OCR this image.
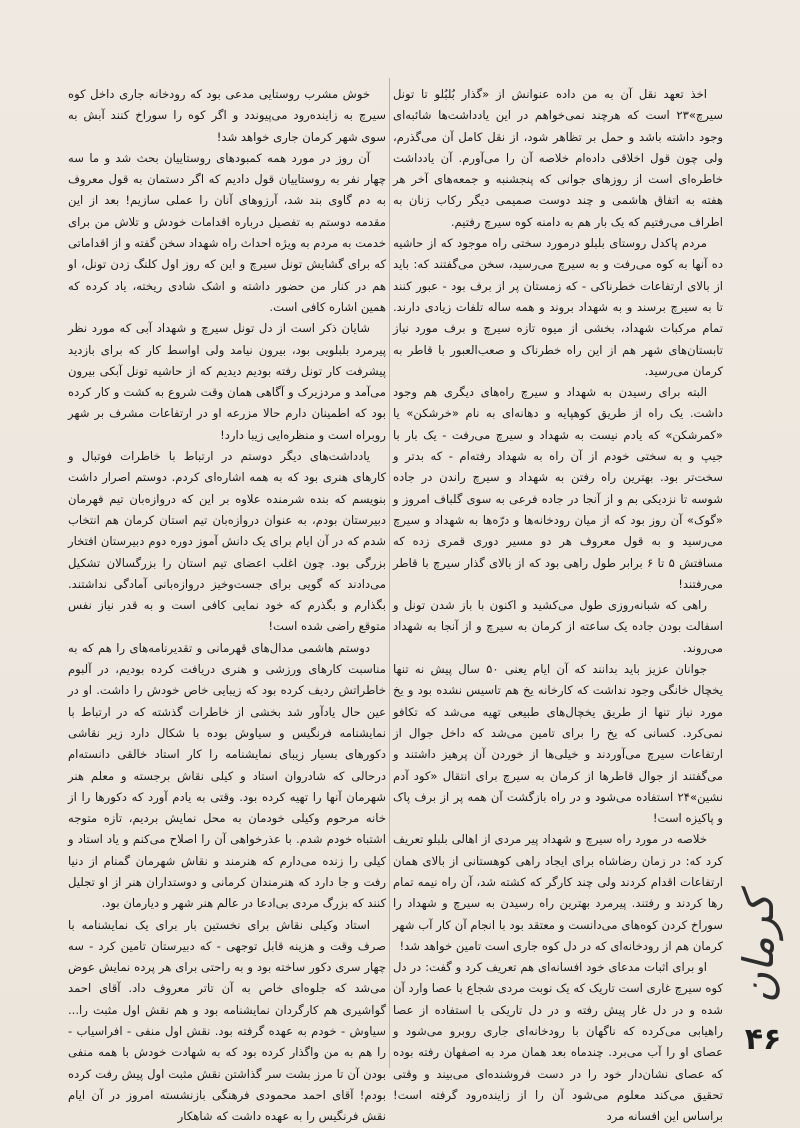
اخذ تعهد نقل آن به من داده عنوانش از «گذار بُلبُلو تا تونل سیرچ»۲۳ است که هرچند نمی‌خواهم در این یادداشت‌ها شائبه‌ای وجود داشته باشد و حمل بر تظاهر شود، از نقل کامل آن می‌گذرم، ولی چون قول اخلاقی داده‌ام خلاصه آن را می‌آورم. آن یادداشت خاطره‌ای است از روزهای جوانی که پنجشنبه و جمعه‌های آخر هر هفته به اتفاق هاشمی و چند دوست صمیمی دیگر رکاب زنان به اطراف می‌رفتیم که یک بار هم به دامنه کوه سیرچ رفتیم.

مردم پاکدل روستای بلبلو درمورد سختی راه موجود که از حاشیه ده آنها به کوه می‌رفت و به سیرچ می‌رسید، سخن می‌گفتند که: باید از بالای ارتفاعات خطرناکی - که زمستان پر از برف بود - عبور کنند تا به سیرچ برسند و به شهداد بروند و همه ساله تلفات زیادی دارند. تمام مرکبات شهداد، بخشی از میوه تازه سیرچ و برف مورد نیاز تابستان‌های شهر هم از این راه خطرناک و صعب‌العبور با قاطر به کرمان می‌رسید.

البته برای رسیدن به شهداد و سیرچ راه‌های دیگری هم وجود داشت. یک راه از طریق کوهپایه و دهانه‌ای به نام «خرشکن» یا «کمرشکن» که یادم نیست به شهداد و سیرچ می‌رفت - یک بار با جیپ و به سختی خودم از آن راه به شهداد رفته‌ام - که بدتر و سخت‌تر بود. بهترین راه رفتن به شهداد و سیرچ راندن در جاده شوسه تا نزدیکی بم و از آنجا در جاده فرعی به سوی گلباف امروز و «گوک» آن روز بود که از میان رودخانه‌ها و درّه‌ها به شهداد و سیرچ می‌رسید و به قول معروف هر دو مسیر دوری قمری زده که مسافتش ۵ تا ۶ برابر طول راهی بود که از بالای گذار سیرچ با قاطر می‌رفتند!

راهی که شبانه‌روزی طول می‌کشید و اکنون با باز شدن تونل و اسفالت بودن جاده یک ساعته از کرمان به سیرچ و از آنجا به شهداد می‌روند.

جوانان عزیز باید بدانند که آن ایام یعنی ۵۰ سال پیش نه تنها یخچال خانگی وجود نداشت که کارخانه یخ هم تاسیس نشده بود و یخ مورد نیاز تنها از طریق یخچال‌های طبیعی تهیه می‌شد که تکافو نمی‌کرد. کسانی که یخ را برای تامین می‌شد که داخل جوال از ارتفاعات سیرچ می‌آوردند و خیلی‌ها از خوردن آن پرهیز داشتند و می‌گفتند از جوال قاطرها از کرمان به سیرچ برای انتقال «کود آدم نشین»۲۴ استفاده می‌شود و در راه بازگشت آن همه پر از برف پاک و پاکیزه است!

خلاصه در مورد راه سیرچ و شهداد پیر مردی از اهالی بلبلو تعریف کرد که: در زمان رضاشاه برای ایجاد راهی کوهستانی از بالای همان ارتفاعات اقدام کردند ولی چند کارگر که کشته شد، آن راه نیمه تمام رها کردند و رفتند. پیرمرد بهترین راه رسیدن به سیرچ و شهداد را سوراخ کردن کوه‌های می‌دانست و معتقد بود با انجام آن کار آب شهر کرمان هم از رودخانه‌ای که در دل کوه جاری است تامین خواهد شد!

او برای اثبات مدعای خود افسانه‌ای هم تعریف کرد و گفت: در دل کوه سیرچ غاری است تاریک که یک نوبت مردی شجاع با عصا وارد آن شده و در دل غار پیش رفته و در دل تاریکی با استفاده از عصا راهیابی می‌کرده که ناگهان با رودخانه‌ای جاری روبرو می‌شود و عصای او را آب می‌برد. چندماه بعد همان مرد به اصفهان رفته بوده که عصای نشان‌دار خود را در دست فروشنده‌ای می‌بیند و وقتی تحقیق می‌کند معلوم می‌شود آن را از زاینده‌رود گرفته است! براساس این افسانه مرد

خوش مشرب روستایی مدعی بود که رودخانه جاری داخل کوه سیرچ به زاینده‌رود می‌پیوندد و اگر کوه را سوراخ کنند آبش به سوی شهر کرمان جاری خواهد شد!

آن روز در مورد همه کمبودهای روستاییان بحث شد و ما سه چهار نفر به روستاییان قول دادیم که اگر دستمان به قول معروف به دم گاوی بند شد، آرزوهای آنان را عملی سازیم! بعد از این مقدمه دوستم به تفصیل درباره اقدامات خودش و تلاش من برای خدمت به مردم به ویژه احداث راه شهداد سخن گفته و از اقداماتی که برای گشایش تونل سیرچ و این که روز اول کلنگ زدن تونل، او هم در کنار من حضور داشته و اشک شادی ریخته، یاد کرده که همین اشاره کافی است.

شایان ذکر است از دل تونل سیرچ و شهداد آبی که مورد نظر پیرمرد بلبلویی بود، بیرون نیامد ولی اواسط کار که برای بازدید پیشرفت کار تونل رفته بودیم دیدیم که از حاشیه تونل آبکی بیرون می‌آمد و مردزیرک و آگاهی همان وقت شروع به کشت و کار کرده بود که اطمینان دارم حالا مزرعه او در ارتفاعات مشرف بر شهر روبراه است و منظره‌ایی زیبا دارد!

یادداشت‌های دیگر دوستم در ارتباط با خاطرات فوتبال و کارهای هنری بود که به همه اشاره‌ای کردم. دوستم اصرار داشت بنویسم که بنده شرمنده علاوه بر این که دروازه‌بان تیم فهرمان دبیرستان بودم، به عنوان دروازه‌بان تیم استان کرمان هم انتخاب شدم که در آن ایام برای یک دانش آموز دوره دوم دبیرستان افتخار بزرگی بود. چون اغلب اعضای تیم استان را بزرگسالان تشکیل می‌دادند که گویی برای جست‌وخیز دروازه‌بانی آمادگی نداشتند. بگذارم و بگذرم که خود نمایی کافی است و به قدر نیاز نفس متوقع راضی شده است!

دوستم هاشمی مدال‌های قهرمانی و تقدیرنامه‌های را هم که به مناسبت کارهای ورزشی و هنری دریافت کرده بودیم، در آلبوم خاطراتش ردیف کرده بود که زیبایی خاص خودش را داشت. او در عین حال یادآور شد بخشی از خاطرات گذشته که در ارتباط با نمایشنامه فرنگیس و سیاوش بوده با شکال دارد زیر نقاشی دکورهای بسیار زیبای نمایشنامه را کار استاد خالقی دانسته‌ام درحالی که شادروان استاد و کیلی نقاش برجسته و معلم هنر شهرمان آنها را تهیه کرده بود. وقتی به یادم آورد که دکورها را از خانه مرحوم وکیلی خودمان به محل نمایش بردیم، تازه متوجه اشتباه خودم شدم. با عذرخواهی آن را اصلاح می‌کنم و یاد استاد و کیلی را زنده می‌دارم که هنرمند و نقاش شهرمان گمنام از دنیا رفت و جا دارد که هنرمندان کرمانی و دوستداران هنر از او تجلیل کنند که بزرگ مردی بی‌ادعا در عالم هنر شهر و دیارمان بود.

استاد وکیلی نقاش برای نخستین بار برای یک نمایشنامه با صرف وقت و هزینه قابل توجهی - که دبیرستان تامین کرد - سه چهار سری دکور ساخته بود و به راحتی برای هر پرده نمایش عوض می‌شد که جلوه‌ای خاص به آن تاتر معروف داد. آقای احمد گواشیری هم کارگردان نمایشنامه بود و هم نقش اول مثبت را... سیاوش - خودم به عهده گرفته بود. نقش اول منفی - افراسیاب - را هم به من واگذار کرده بود که به شهادت خودش با همه منفی بودن آن تا مرز بشت سر گذاشتن نقش مثبت اول پیش رفت کرده بودم! آقای احمد محمودی فرهنگی بازنشسته امروز در آن ایام نقش فرنگیس را به عهده داشت که شاهکار

کرمان
۴۶
